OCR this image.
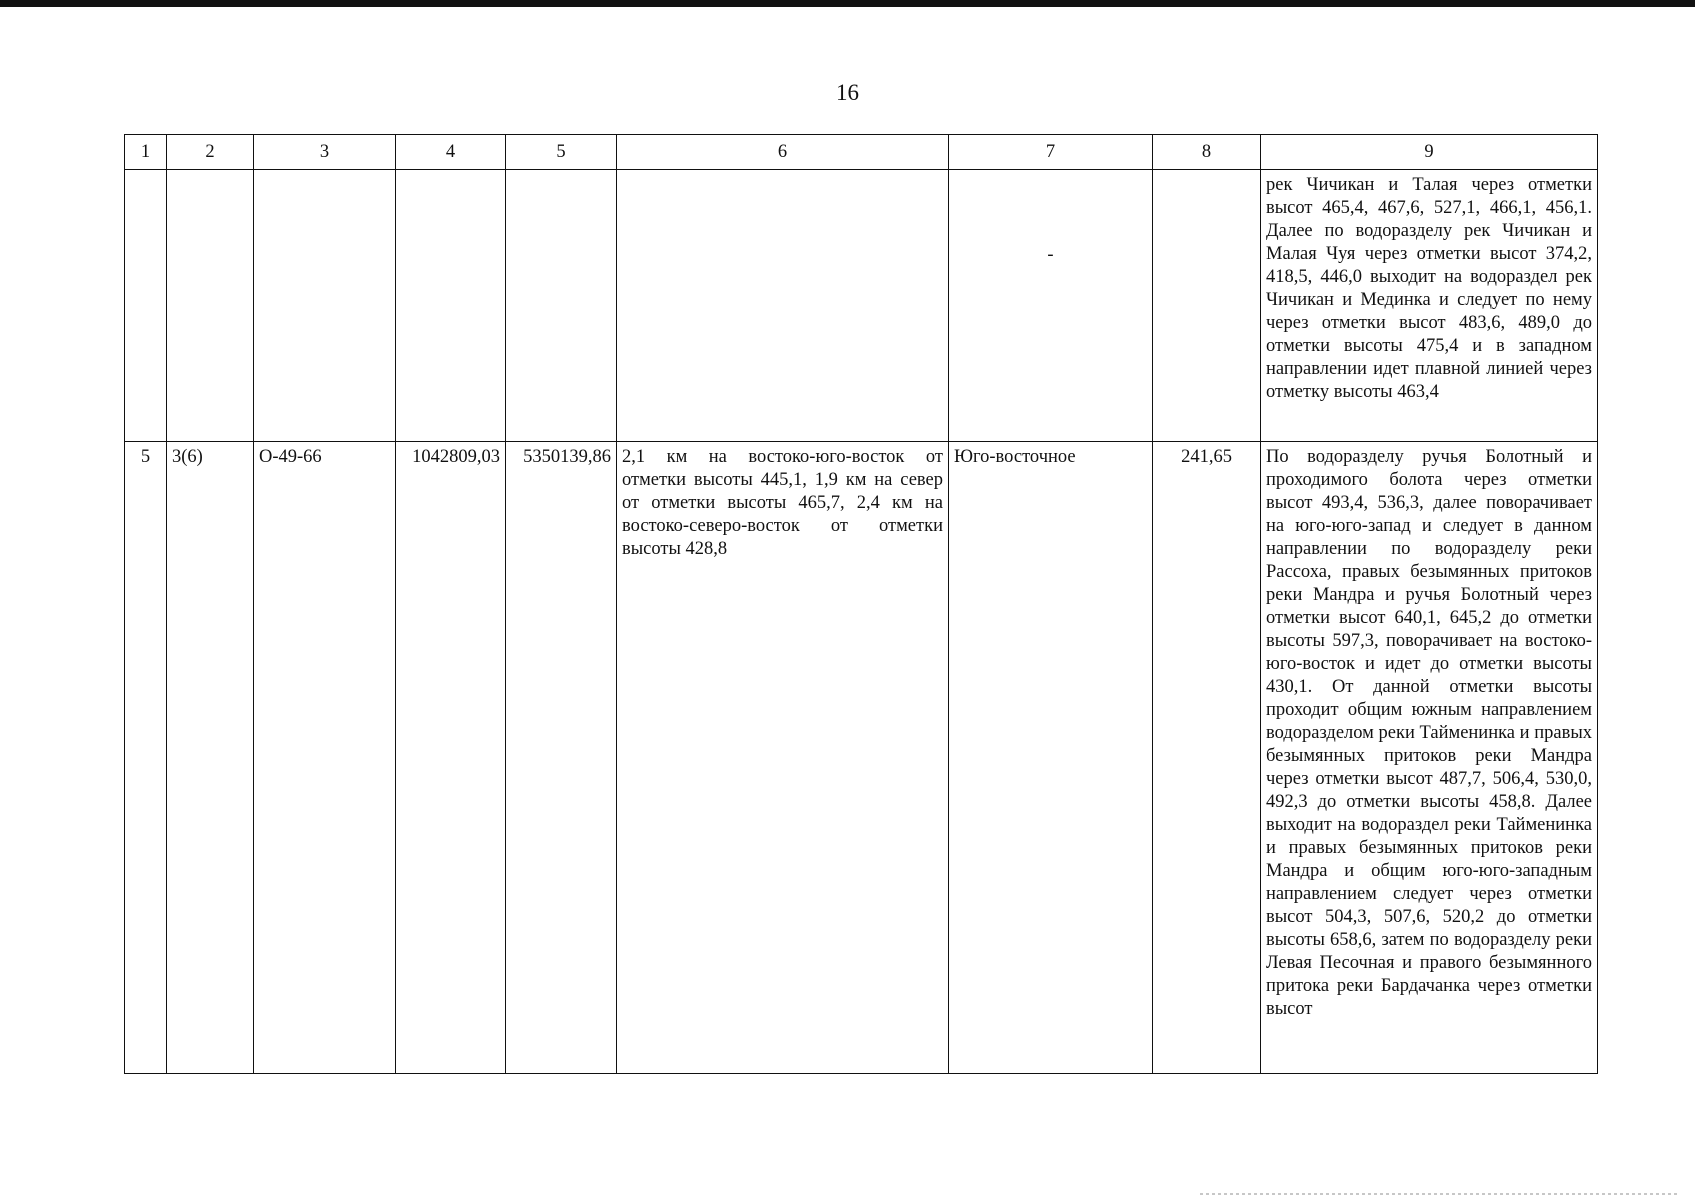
16
1	2	3	4	5	6	7	8	9

						-		рек Чичикан и Талая через отметки высот 465,4, 467,6, 527,1, 466,1, 456,1. Далее по водоразделу рек Чичикан и Малая Чуя через отметки высот 374,2, 418,5, 446,0 выходит на водораздел рек Чичикан и Мединка и следует по нему через отметки высот 483,6, 489,0 до отметки высоты 475,4 и в западном направлении идет плавной линией через отметку высоты 463,4
5	3(6)	О-49-66	1042809,03	5350139,86	2,1 км на востоко-юго-восток от отметки высоты 445,1, 1,9 км на север от отметки высоты 465,7, 2,4 км на востоко-северо-восток от отметки высоты 428,8	Юго-восточное	241,65	По водоразделу ручья Болотный и проходимого болота через отметки высот 493,4, 536,3, далее поворачивает на юго-юго-запад и следует в данном направлении по водоразделу реки Рассоха, правых безымянных притоков реки Мандра и ручья Болотный через отметки высот 640,1, 645,2 до отметки высоты 597,3, поворачивает на востоко-юго-восток и идет до отметки высоты 430,1. От данной отметки высоты проходит общим южным направлением водоразделом реки Тайменинка и правых безымянных притоков реки Мандра через отметки высот 487,7, 506,4, 530,0, 492,3 до отметки высоты 458,8. Далее выходит на водораздел реки Тайменинка и правых безымянных притоков реки Мандра и общим юго-юго-западным направлением следует через отметки высот 504,3, 507,6, 520,2 до отметки высоты 658,6, затем по водоразделу реки Левая Песочная и правого безымянного притока реки Бардачанка через отметки высот
